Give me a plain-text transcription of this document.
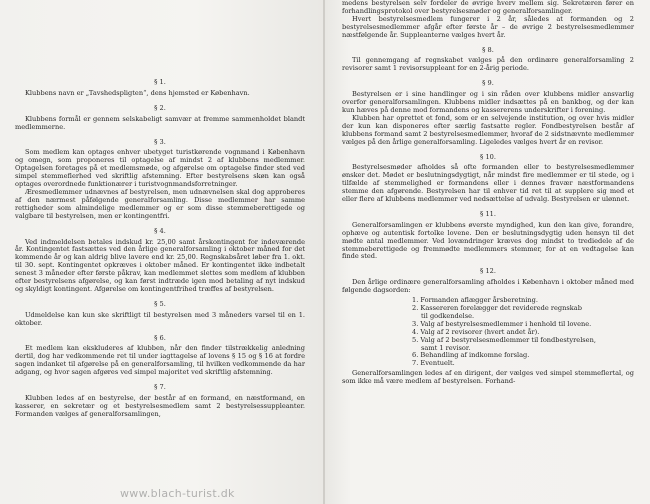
§ 1.
Klubbens navn er „Tavshedspligten“, dens hjemsted er København.
§ 2.
Klubbens formål er gennem selskabeligt samvær at fremme sammenholdet blandt medlemmerne.
§ 3.
Som medlem kan optages enhver ubetyget turistkørende vognmand i København og omegn, som proponeres til optagelse af mindst 2 af klubbens medlemmer. Optagelsen foretages på et medlemsmøde, og afgørelse om optagelse finder sted ved simpel stemmeflerhed ved skriftlig afstemning. Efter bestyrelsens skøn kan også optages overordnede funktionærer i turistvognmandsforretninger.
Æresmedlemmer udnævnes af bestyrelsen, men udnævnelsen skal dog approberes af den nærmest påfølgende generalforsamling. Disse medlemmer har samme rettigheder som almindelige medlemmer og er som disse stemmeberettigede og valgbare til bestyrelsen, men er kontingentfri.
§ 4.
Ved indmeldelsen betales indskud kr. 25,00 samt årskontingent for indeværende år. Kontingentet fastsættes ved den årlige generalforsamling i oktober måned for det kommende år og kan aldrig blive lavere end kr. 25,00. Regnskabsåret løber fra 1. okt. til 30. sept. Kontingentet opkræves i oktober måned. Er kontingentet ikke indbetalt senest 3 måneder efter første påkrav, kan medlemmet slettes som medlem af klubben efter bestyrelsens afgørelse, og kan først indtræde igen mod betaling af nyt indskud og skyldigt kontingent. Afgørelse om kontingentfrihed træffes af bestyrelsen.
§ 5.
Udmeldelse kan kun ske skriftligt til bestyrelsen med 3 måneders varsel til en 1. oktober.
§ 6.
Et medlem kan ekskluderes af klubben, når den finder tilstrækkelig anledning dertil, dog har vedkommende ret til under iagttagelse af lovens § 15 og § 16 at fordre sagen indanket til afgørelse på en generalforsamling, til hvilken vedkommende da har adgang, og hvor sagen afgøres ved simpel majoritet ved skriftlig afstemning.
§ 7.
Klubben ledes af en bestyrelse, der består af en formand, en næstformand, en kasserer, en sekretær og et bestyrelsesmedlem samt 2 bestyrelsessuppleanter. Formanden vælges af generalforsamlingen,
medens bestyrelsen selv fordeler de øvrige hverv mellem sig. Sekretæren fører en forhandlingsprotokol over bestyrelsesmøder og generalforsamlinger.
Hvert bestyrelsesmedlem fungerer i 2 år, således at formanden og 2 bestyrelsesmedlemmer afgår efter første år – de øvrige 2 bestyrelsesmedlemmer næstfølgende år. Suppleanterne vælges hvert år.
§ 8.
Til gennemgang af regnskabet vælges på den ordinære generalforsamling 2 revisorer samt 1 revisorsuppleant for en 2-årig periode.
§ 9.
Bestyrelsen er i sine handlinger og i sin råden over klubbens midler ansvarlig overfor generalforsamlingen. Klubbens midler indsættes på en bankbog, og der kan kun hæves på denne mod formandens og kassererens underskrifter i forening.
Klubben har oprettet et fond, som er en selvejende institution, og over hvis midler der kun kan disponeres efter særlig fastsatte regler. Fondbestyrelsen består af klubbens formand samt 2 bestyrelsesmedlemmer, hvoraf de 2 sidstnævnte medlemmer vælges på den årlige generalforsamling. Ligeledes vælges hvert år en revisor.
§ 10.
Bestyrelsesmøder afholdes så ofte formanden eller to bestyrelsesmedlemmer ønsker det. Mødet er beslutningsdygtigt, når mindst fire medlemmer er til stede, og i tilfælde af stemmelighed er formandens eller i dennes fravær næstformandens stemme den afgørende. Bestyrelsen har til enhver tid ret til at supplere sig med et eller flere af klubbens medlemmer ved nedsættelse af udvalg. Bestyrelsen er ulønnet.
§ 11.
Generalforsamlingen er klubbens øverste myndighed, kun den kan give, forandre, ophæve og autentisk fortolke lovene. Den er beslutningsdygtig uden hensyn til det mødte antal medlemmer. Ved lovændringer kræves dog mindst to trediedele af de stemmeberettigede og fremmødte medlemmers stemmer, for at en vedtagelse kan finde sted.
§ 12.
Den årlige ordinære generalforsamling afholdes i København i oktober måned med følgende dagsorden:
1. Formanden aflægger årsberetning.
2. Kassereren forelægger det reviderede regnskab
til godkendelse.
3. Valg af bestyrelsesmedlemmer i henhold til lovene.
4. Valg af 2 revisorer (hvert andet år).
5. Valg af 2 bestyrelsesmedlemmer til fondbestyrelsen,
samt 1 revisor.
6. Behandling af indkomne forslag.
7. Eventuelt.
Generalforsamlingen ledes af en dirigent, der vælges ved simpel stemmeflertal, og som ikke må være medlem af bestyrelsen. Forhand-
www.blach-turist.dk
